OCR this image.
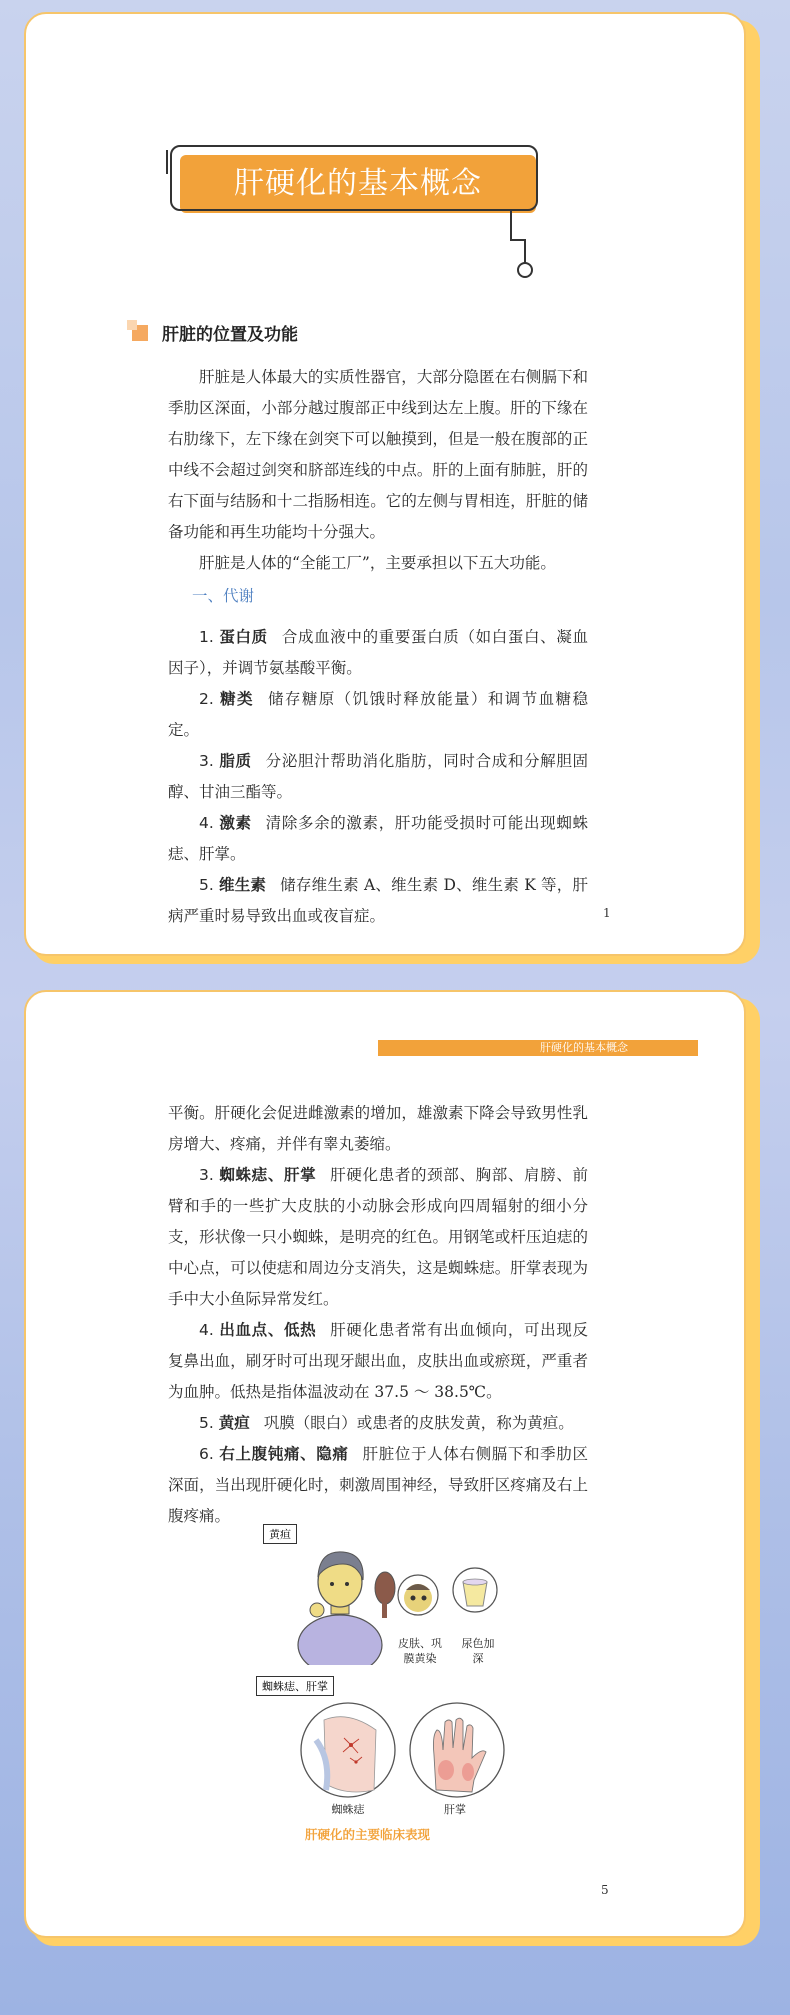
肝硬化的基本概念
肝脏的位置及功能

肝脏是人体最大的实质性器官，大部分隐匿在右侧膈下和季肋区深面，小部分越过腹部正中线到达左上腹。肝的下缘在右肋缘下，左下缘在剑突下可以触摸到，但是一般在腹部的正中线不会超过剑突和脐部连线的中点。肝的上面有肺脏，肝的右下面与结肠和十二指肠相连。它的左侧与胃相连，肝脏的储备功能和再生功能均十分强大。

肝脏是人体的“全能工厂”，主要承担以下五大功能。

一、代谢

1. 蛋白质 合成血液中的重要蛋白质（如白蛋白、凝血因子），并调节氨基酸平衡。

2. 糖类 储存糖原（饥饿时释放能量）和调节血糖稳定。

3. 脂质 分泌胆汁帮助消化脂肪，同时合成和分解胆固醇、甘油三酯等。

4. 激素 清除多余的激素，肝功能受损时可能出现蜘蛛痣、肝掌。

5. 维生素 储存维生素 A、维生素 D、维生素 K 等，肝病严重时易导致出血或夜盲症。	1
肝硬化的基本概念

平衡。肝硬化会促进雌激素的增加，雄激素下降会导致男性乳房增大、疼痛，并伴有睾丸萎缩。

3. 蜘蛛痣、肝掌 肝硬化患者的颈部、胸部、肩膀、前臂和手的一些扩大皮肤的小动脉会形成向四周辐射的细小分支，形状像一只小蜘蛛，是明亮的红色。用钢笔或杆压迫痣的中心点，可以使痣和周边分支消失，这是蜘蛛痣。肝掌表现为手中大小鱼际异常发红。

4. 出血点、低热 肝硬化患者常有出血倾向，可出现反复鼻出血，刷牙时可出现牙龈出血，皮肤出血或瘀斑，严重者为血肿。低热是指体温波动在 37.5 ～ 38.5℃。

5. 黄疸 巩膜（眼白）或患者的皮肤发黄，称为黄疸。

6. 右上腹钝痛、隐痛 肝脏位于人体右侧膈下和季肋区深面，当出现肝硬化时，刺激周围神经，导致肝区疼痛及右上腹疼痛。

黄疸
皮肤、巩膜黄染
尿色加深
蜘蛛痣、肝掌
蜘蛛痣	肝掌
肝硬化的主要临床表现
5
